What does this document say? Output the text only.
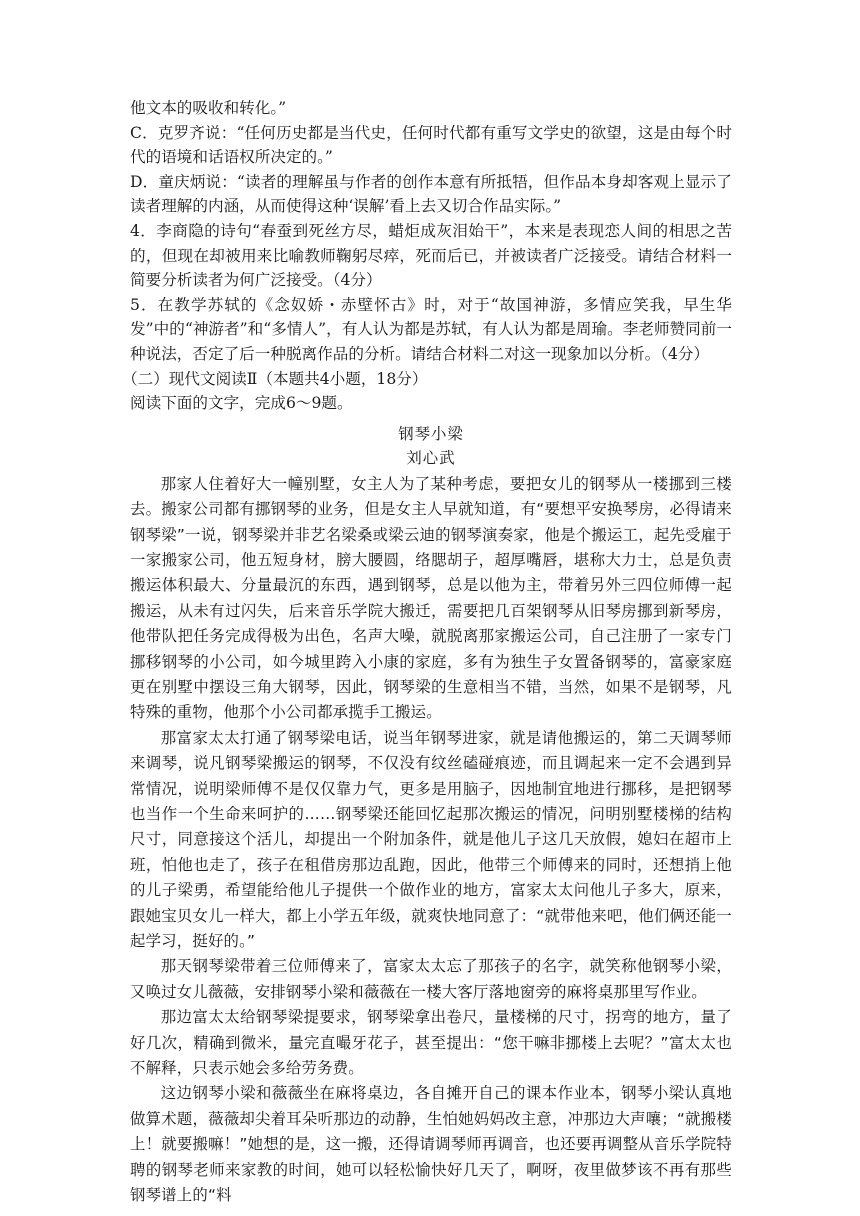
他文本的吸收和转化。”

C．克罗齐说：“任何历史都是当代史，任何时代都有重写文学史的欲望，这是由每个时代的语境和话语权所决定的。”

D．童庆炳说：“读者的理解虽与作者的创作本意有所抵牾，但作品本身却客观上显示了读者理解的内涵，从而使得这种‘误解’看上去又切合作品实际。”

4．李商隐的诗句“春蚕到死丝方尽，蜡炬成灰泪始干”，本来是表现恋人间的相思之苦的，但现在却被用来比喻教师鞠躬尽瘁，死而后已，并被读者广泛接受。请结合材料一简要分析读者为何广泛接受。（4分）

5．在教学苏轼的《念奴娇・赤壁怀古》时，对于“故国神游，多情应笑我，早生华发”中的“神游者”和“多情人”，有人认为都是苏轼，有人认为都是周瑜。李老师赞同前一种说法，否定了后一种脱离作品的分析。请结合材料二对这一现象加以分析。（4分）

（二）现代文阅读Ⅱ（本题共4小题，18分）

阅读下面的文字，完成6～9题。

钢琴小梁
刘心武

那家人住着好大一幢别墅，女主人为了某种考虑，要把女儿的钢琴从一楼挪到三楼去。搬家公司都有挪钢琴的业务，但是女主人早就知道，有“要想平安换琴房，必得请来钢琴梁”一说，钢琴梁并非艺名梁桑或梁云迪的钢琴演奏家，他是个搬运工，起先受雇于一家搬家公司，他五短身材，膀大腰圆，络腮胡子，超厚嘴唇，堪称大力士，总是负责搬运体积最大、分量最沉的东西，遇到钢琴，总是以他为主，带着另外三四位师傅一起搬运，从未有过闪失，后来音乐学院大搬迁，需要把几百架钢琴从旧琴房挪到新琴房，他带队把任务完成得极为出色，名声大噪，就脱离那家搬运公司，自己注册了一家专门挪移钢琴的小公司，如今城里跨入小康的家庭，多有为独生子女置备钢琴的，富豪家庭更在别墅中摆设三角大钢琴，因此，钢琴梁的生意相当不错，当然，如果不是钢琴，凡特殊的重物，他那个小公司都承揽手工搬运。

那富家太太打通了钢琴梁电话，说当年钢琴进家，就是请他搬运的，第二天调琴师来调琴，说凡钢琴梁搬运的钢琴，不仅没有纹丝磕碰痕迹，而且调起来一定不会遇到异常情况，说明梁师傅不是仅仅靠力气，更多是用脑子，因地制宜地进行挪移，是把钢琴也当作一个生命来呵护的……钢琴梁还能回忆起那次搬运的情况，问明别墅楼梯的结构尺寸，同意接这个活儿，却提出一个附加条件，就是他儿子这几天放假，媳妇在超市上班，怕他也走了，孩子在租借房那边乱跑，因此，他带三个师傅来的同时，还想捎上他的儿子梁勇，希望能给他儿子提供一个做作业的地方，富家太太问他儿子多大，原来，跟她宝贝女儿一样大，都上小学五年级，就爽快地同意了：“就带他来吧，他们俩还能一起学习，挺好的。”

那天钢琴梁带着三位师傅来了，富家太太忘了那孩子的名字，就笑称他钢琴小梁，又唤过女儿薇薇，安排钢琴小梁和薇薇在一楼大客厅落地窗旁的麻将桌那里写作业。

那边富太太给钢琴梁提要求，钢琴梁拿出卷尺，量楼梯的尺寸，拐弯的地方，量了好几次，精确到微米，量完直嘬牙花子，甚至提出：“您干嘛非挪楼上去呢？”富太太也不解释，只表示她会多给劳务费。

这边钢琴小梁和薇薇坐在麻将桌边，各自摊开自己的课本作业本，钢琴小梁认真地做算术题，薇薇却尖着耳朵听那边的动静，生怕她妈妈改主意，冲那边大声嚷；“就搬楼上！就要搬嘛！”她想的是，这一搬，还得请调琴师再调音，也还要再调整从音乐学院特聘的钢琴老师来家教的时间，她可以轻松愉快好几天了，啊呀，夜里做梦该不再有那些钢琴谱上的“料
